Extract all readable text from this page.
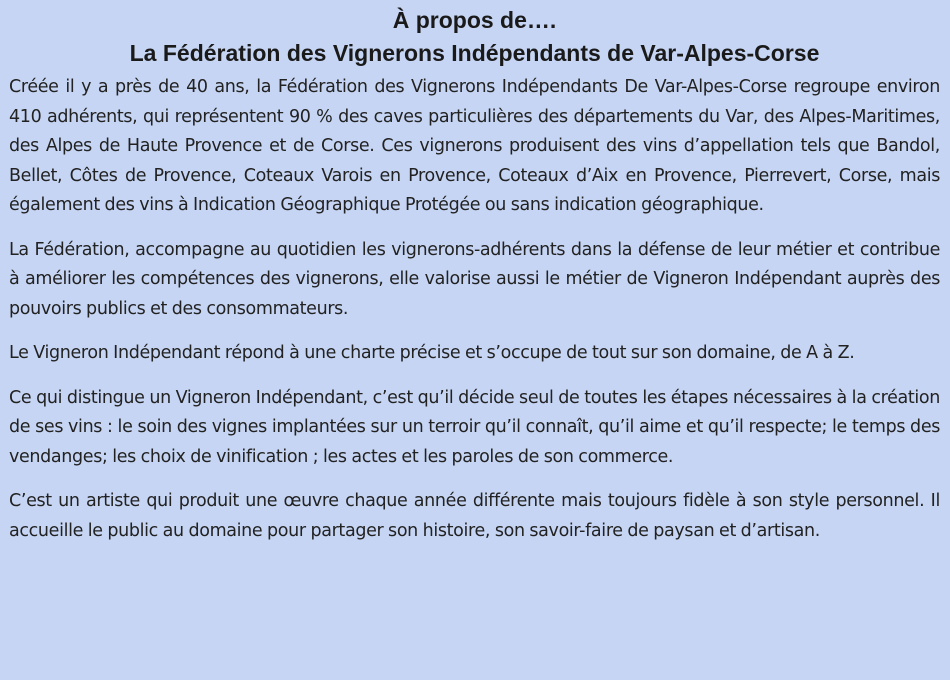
À propos de….
La Fédération des Vignerons Indépendants de Var-Alpes-Corse

Créée il y a près de 40 ans, la Fédération des Vignerons Indépendants De Var-Alpes-Corse regroupe environ 410 adhérents, qui représentent 90 % des caves particulières des départements du Var, des Alpes-Maritimes, des Alpes de Haute Provence et de Corse. Ces vignerons produisent des vins d’appellation tels que Bandol, Bellet, Côtes de Provence, Coteaux Varois en Provence, Coteaux d’Aix en Provence, Pierrevert, Corse, mais également des vins à Indication Géographique Protégée ou sans indication géographique.

La Fédération, accompagne au quotidien les vignerons-adhérents dans la défense de leur métier et contribue à améliorer les compétences des vignerons, elle valorise aussi le métier de Vigneron Indépendant auprès des pouvoirs publics et des consommateurs.

Le Vigneron Indépendant répond à une charte précise et s’occupe de tout sur son domaine, de A à Z.

Ce qui distingue un Vigneron Indépendant, c’est qu’il décide seul de toutes les étapes nécessaires à la création de ses vins : le soin des vignes implantées sur un terroir qu’il connaît, qu’il aime et qu’il respecte; le temps des vendanges; les choix de vinification ; les actes et les paroles de son commerce.

C’est un artiste qui produit une œuvre chaque année différente mais toujours fidèle à son style personnel. Il accueille le public au domaine pour partager son histoire, son savoir-faire de paysan et d’artisan.
